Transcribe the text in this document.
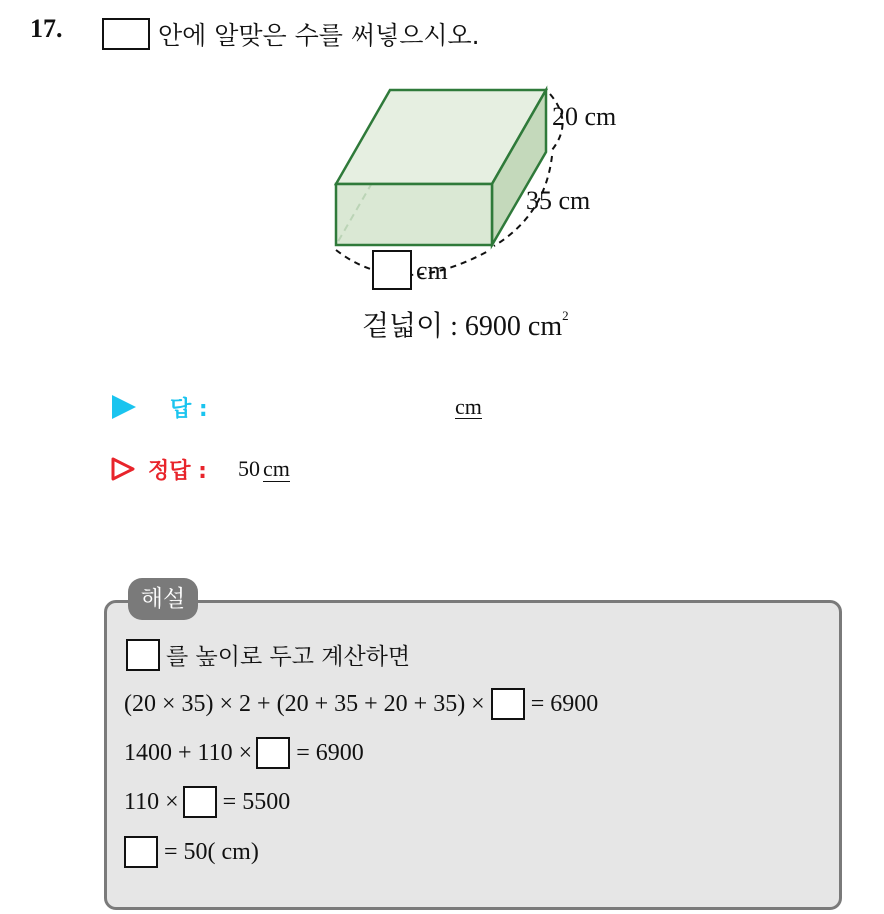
17.	안에 알맞은 수를 써넣으시오.
20 cm
35 cm
cm
겉넓이 : 6900 $cm^2$
답 :	cm
정답 : 50 cm
해설
를 높이로 두고 계산하면
(20 × 35) × 2 + (20 + 35 + 20 + 35) × = 6900
1400 + 110 × = 6900
110 × = 5500
= 50( cm)
